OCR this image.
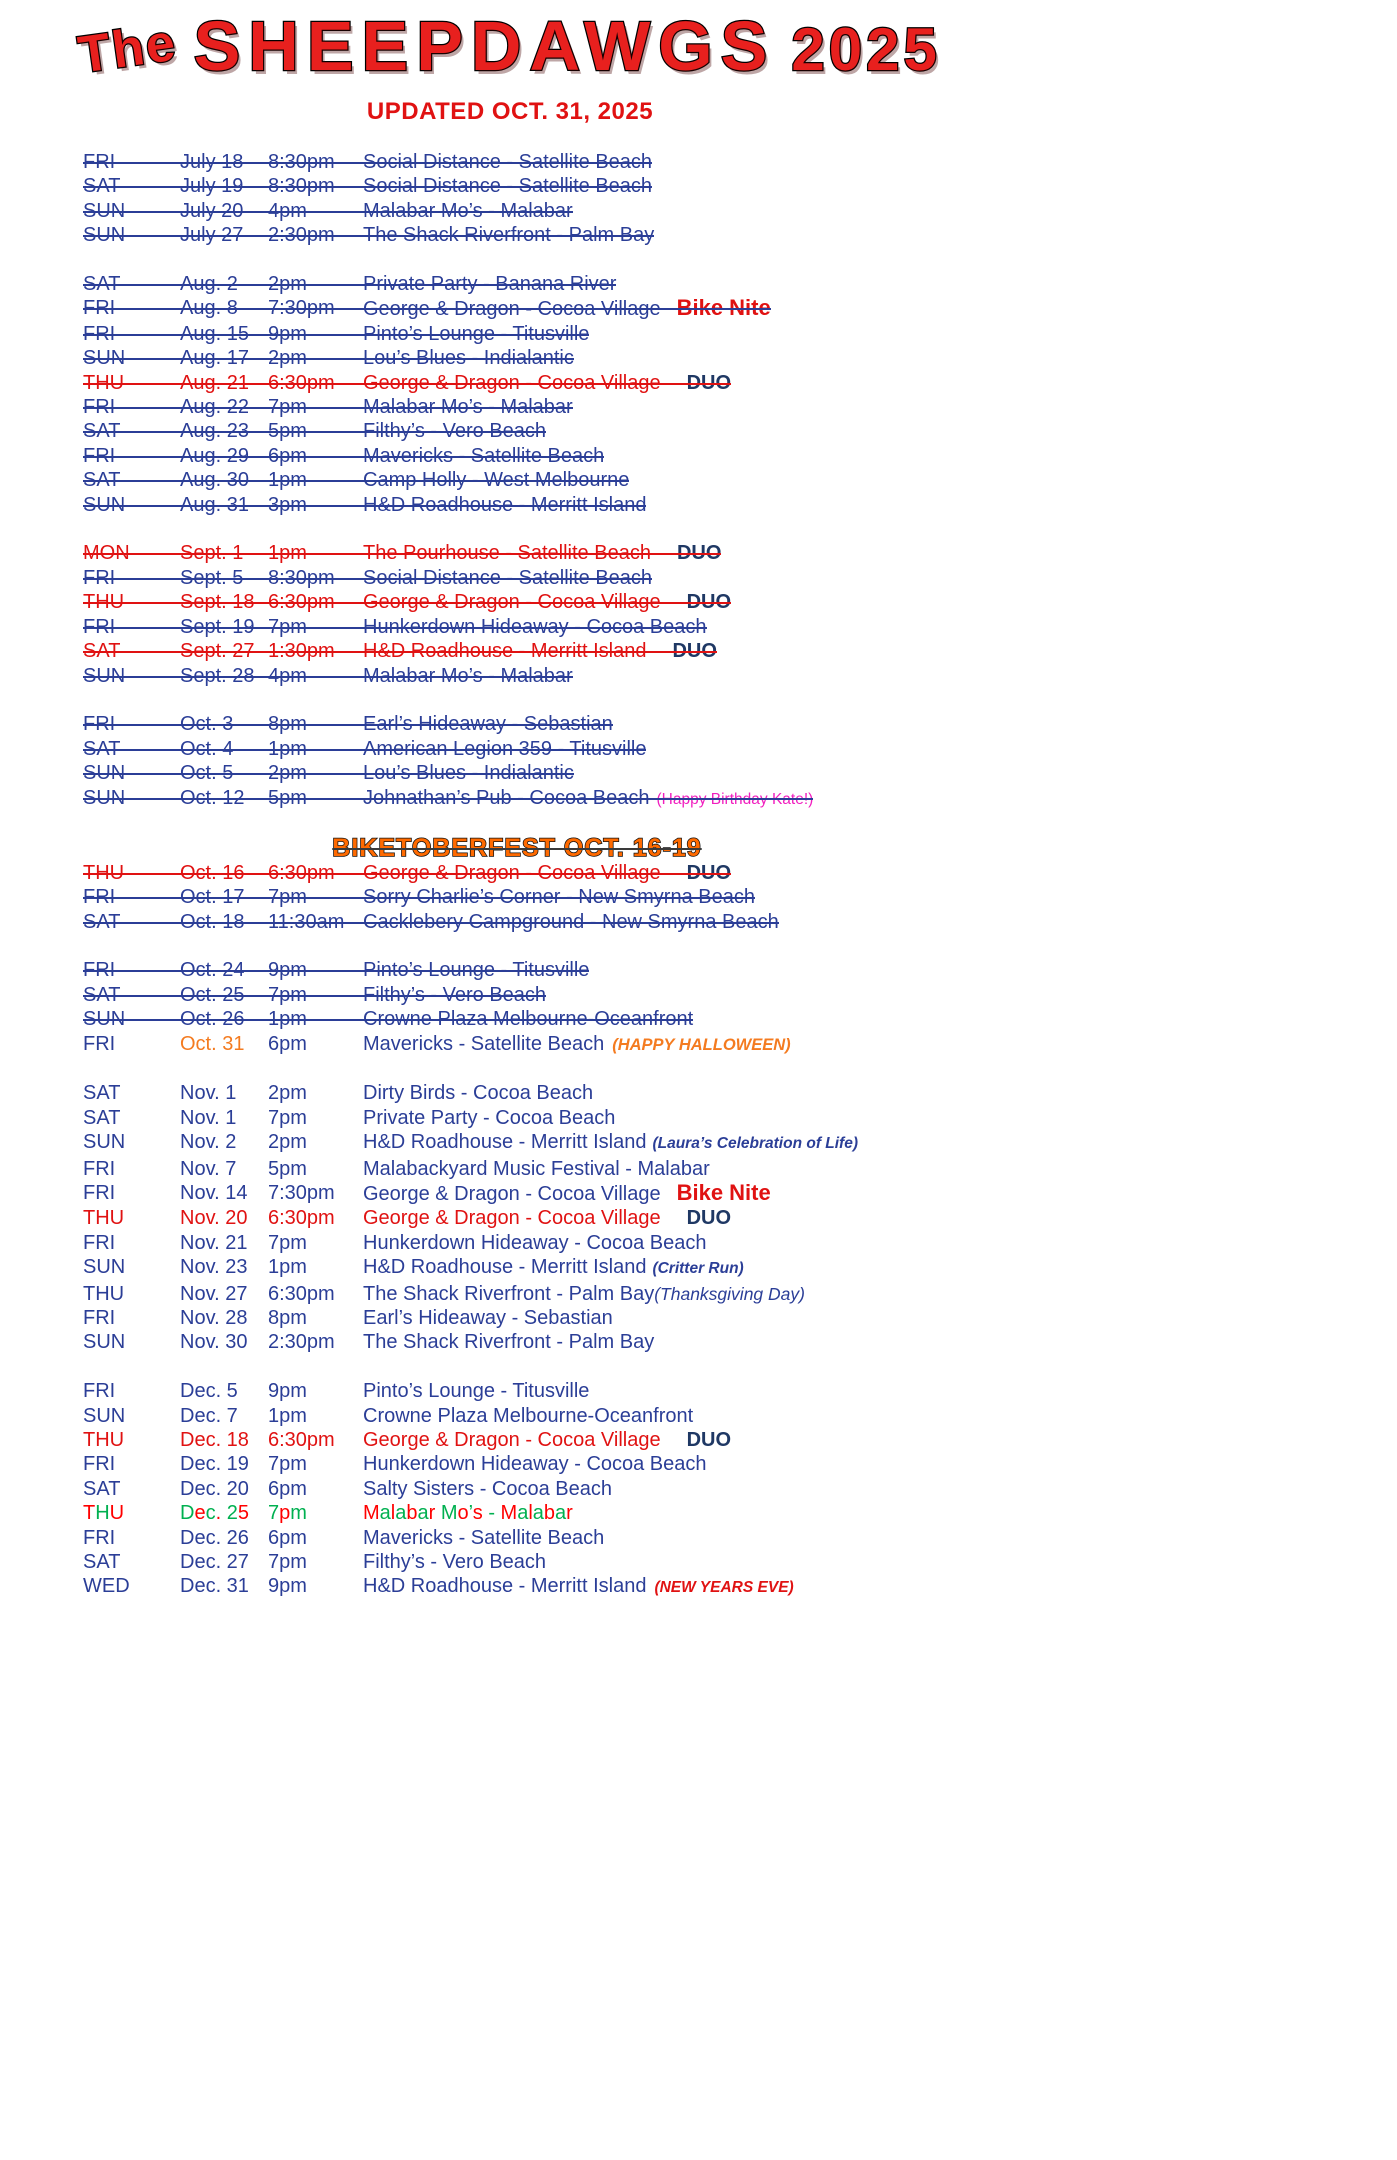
The SHEEPDAWGS 2025
UPDATED OCT. 31, 2025
FRI	July 18	8:30pm	Social Distance - Satellite Beach
SAT	July 19	8:30pm	Social Distance - Satellite Beach
SUN	July 20	4pm	Malabar Mo’s - Malabar
SUN	July 27	2:30pm	The Shack Riverfront - Palm Bay
SAT	Aug. 2	2pm	Private Party - Banana River
FRI	Aug. 8	7:30pm	George & Dragon - Cocoa Village Bike Nite
FRI	Aug. 15 9pm	Pinto’s Lounge - Titusville
SUN	Aug. 17 2pm	Lou’s Blues - Indialantic
THU	Aug. 21 6:30pm	George & Dragon - Cocoa Village DUO
FRI	Aug. 22 7pm	Malabar Mo’s - Malabar
SAT	Aug. 23 5pm	Filthy’s - Vero Beach
FRI	Aug. 29 6pm	Mavericks - Satellite Beach
SAT	Aug. 30 1pm	Camp Holly - West Melbourne
SUN	Aug. 31 3pm	H&D Roadhouse - Merritt Island
MON	Sept. 1	1pm	The Pourhouse - Satellite Beach DUO
FRI	Sept. 5	8:30pm	Social Distance - Satellite Beach
THU	Sept. 18 6:30pm	George & Dragon - Cocoa Village DUO
FRI	Sept. 19 7pm	Hunkerdown Hideaway - Cocoa Beach
SAT	Sept. 27 1:30pm	H&D Roadhouse - Merritt Island DUO
SUN	Sept. 28 4pm	Malabar Mo’s - Malabar
FRI	Oct. 3	8pm	Earl’s Hideaway - Sebastian
SAT	Oct. 4	1pm	American Legion 359 - Titusville
SUN	Oct. 5	2pm	Lou’s Blues - Indialantic
SUN	Oct. 12	5pm	Johnathan’s Pub - Cocoa Beach (Happy Birthday Kate!)
BIKETOBERFEST OCT. 16-19
THU	Oct. 16	6:30pm	George & Dragon - Cocoa Village DUO
FRI	Oct. 17	7pm	Sorry Charlie’s Corner - New Smyrna Beach
SAT	Oct. 18	11:30am Cacklebery Campground - New Smyrna Beach
FRI	Oct. 24	9pm	Pinto’s Lounge - Titusville
SAT	Oct. 25	7pm	Filthy’s - Vero Beach
SUN	Oct. 26	1pm	Crowne Plaza Melbourne-Oceanfront
FRI	Oct. 31	6pm	Mavericks - Satellite Beach (HAPPY HALLOWEEN)
SAT	Nov. 1	2pm	Dirty Birds - Cocoa Beach
SAT	Nov. 1	7pm	Private Party - Cocoa Beach
SUN	Nov. 2	2pm	H&D Roadhouse - Merritt Island (Laura’s Celebration of Life)
FRI	Nov. 7	5pm	Malabackyard Music Festival - Malabar
FRI	Nov. 14	7:30pm	George & Dragon - Cocoa Village Bike Nite
THU	Nov. 20	6:30pm	George & Dragon - Cocoa Village DUO
FRI	Nov. 21	7pm	Hunkerdown Hideaway - Cocoa Beach
SUN	Nov. 23	1pm	H&D Roadhouse - Merritt Island (Critter Run)
THU	Nov. 27	6:30pm	The Shack Riverfront - Palm Bay(Thanksgiving Day)
FRI	Nov. 28	8pm	Earl’s Hideaway - Sebastian
SUN	Nov. 30	2:30pm	The Shack Riverfront - Palm Bay
FRI	Dec. 5	9pm	Pinto’s Lounge - Titusville
SUN	Dec. 7	1pm	Crowne Plaza Melbourne-Oceanfront
THU	Dec. 18 6:30pm	George & Dragon - Cocoa Village DUO
FRI	Dec. 19 7pm	Hunkerdown Hideaway - Cocoa Beach
SAT	Dec. 20 6pm	Salty Sisters - Cocoa Beach
THU	Dec. 25 7pm	Malabar Mo’s - Malabar
FRI	Dec. 26 6pm	Mavericks - Satellite Beach
SAT	Dec. 27 7pm	Filthy’s - Vero Beach
WED	Dec. 31 9pm	H&D Roadhouse - Merritt Island (NEW YEARS EVE)
